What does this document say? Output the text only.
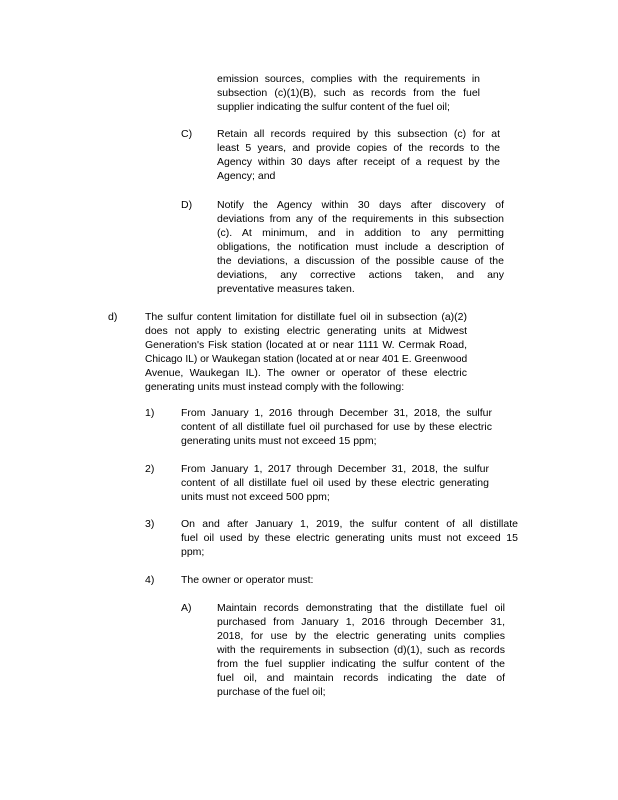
emission sources, complies with the requirements in
subsection (c)(1)(B), such as records from the fuel
supplier indicating the sulfur content of the fuel oil;
C) Retain all records required by this subsection (c) for at
least 5 years, and provide copies of the records to the
Agency within 30 days after receipt of a request by the
Agency; and
D) Notify the Agency within 30 days after discovery of
deviations from any of the requirements in this subsection
(c). At minimum, and in addition to any permitting
obligations, the notification must include a description of
the deviations, a discussion of the possible cause of the
deviations, any corrective actions taken, and any
preventative measures taken.
d)	The sulfur content limitation for distillate fuel oil in subsection (a)(2)
does not apply to existing electric generating units at Midwest
Generation's Fisk station (located at or near 1111 W. Cermak Road,
Chicago IL) or Waukegan station (located at or near 401 E. Greenwood
Avenue, Waukegan IL). The owner or operator of these electric
generating units must instead comply with the following:
1)	From January 1, 2016 through December 31, 2018, the sulfur
content of all distillate fuel oil purchased for use by these electric
generating units must not exceed 15 ppm;
2)	From January 1, 2017 through December 31, 2018, the sulfur
content of all distillate fuel oil used by these electric generating
units must not exceed 500 ppm;
3)	On and after January 1, 2019, the sulfur content of all distillate
fuel oil used by these electric generating units must not exceed 15
ppm;
4)	The owner or operator must:
A) Maintain records demonstrating that the distillate fuel oil
purchased from January 1, 2016 through December 31,
2018, for use by the electric generating units complies
with the requirements in subsection (d)(1), such as records
from the fuel supplier indicating the sulfur content of the
fuel oil, and maintain records indicating the date of
purchase of the fuel oil;
